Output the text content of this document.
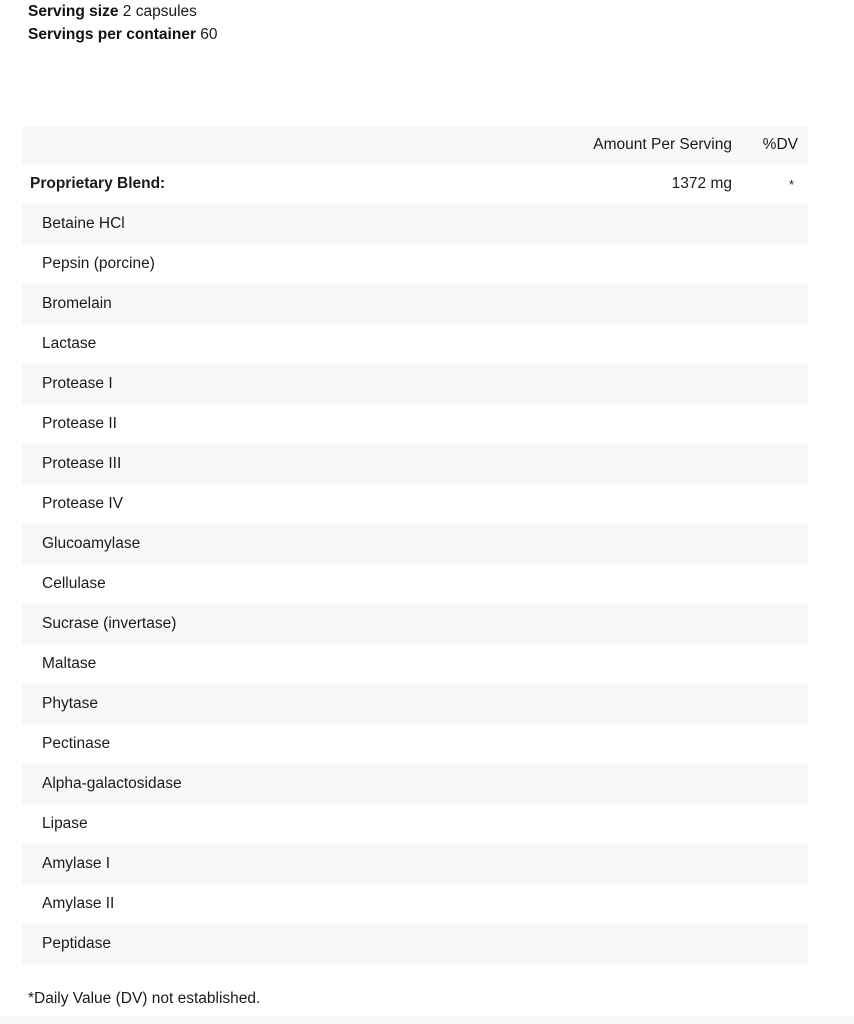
Serving size 2 capsules
Servings per container 60
	Amount Per Serving	%DV
Proprietary Blend:	1372 mg	*
Betaine HCl		
Pepsin (porcine)		
Bromelain		
Lactase		
Protease I		
Protease II		
Protease III		
Protease IV		
Glucoamylase		
Cellulase		
Sucrase (invertase)		
Maltase		
Phytase		
Pectinase		
Alpha-galactosidase		
Lipase		
Amylase I		
Amylase II		
Peptidase		
*Daily Value (DV) not established.
